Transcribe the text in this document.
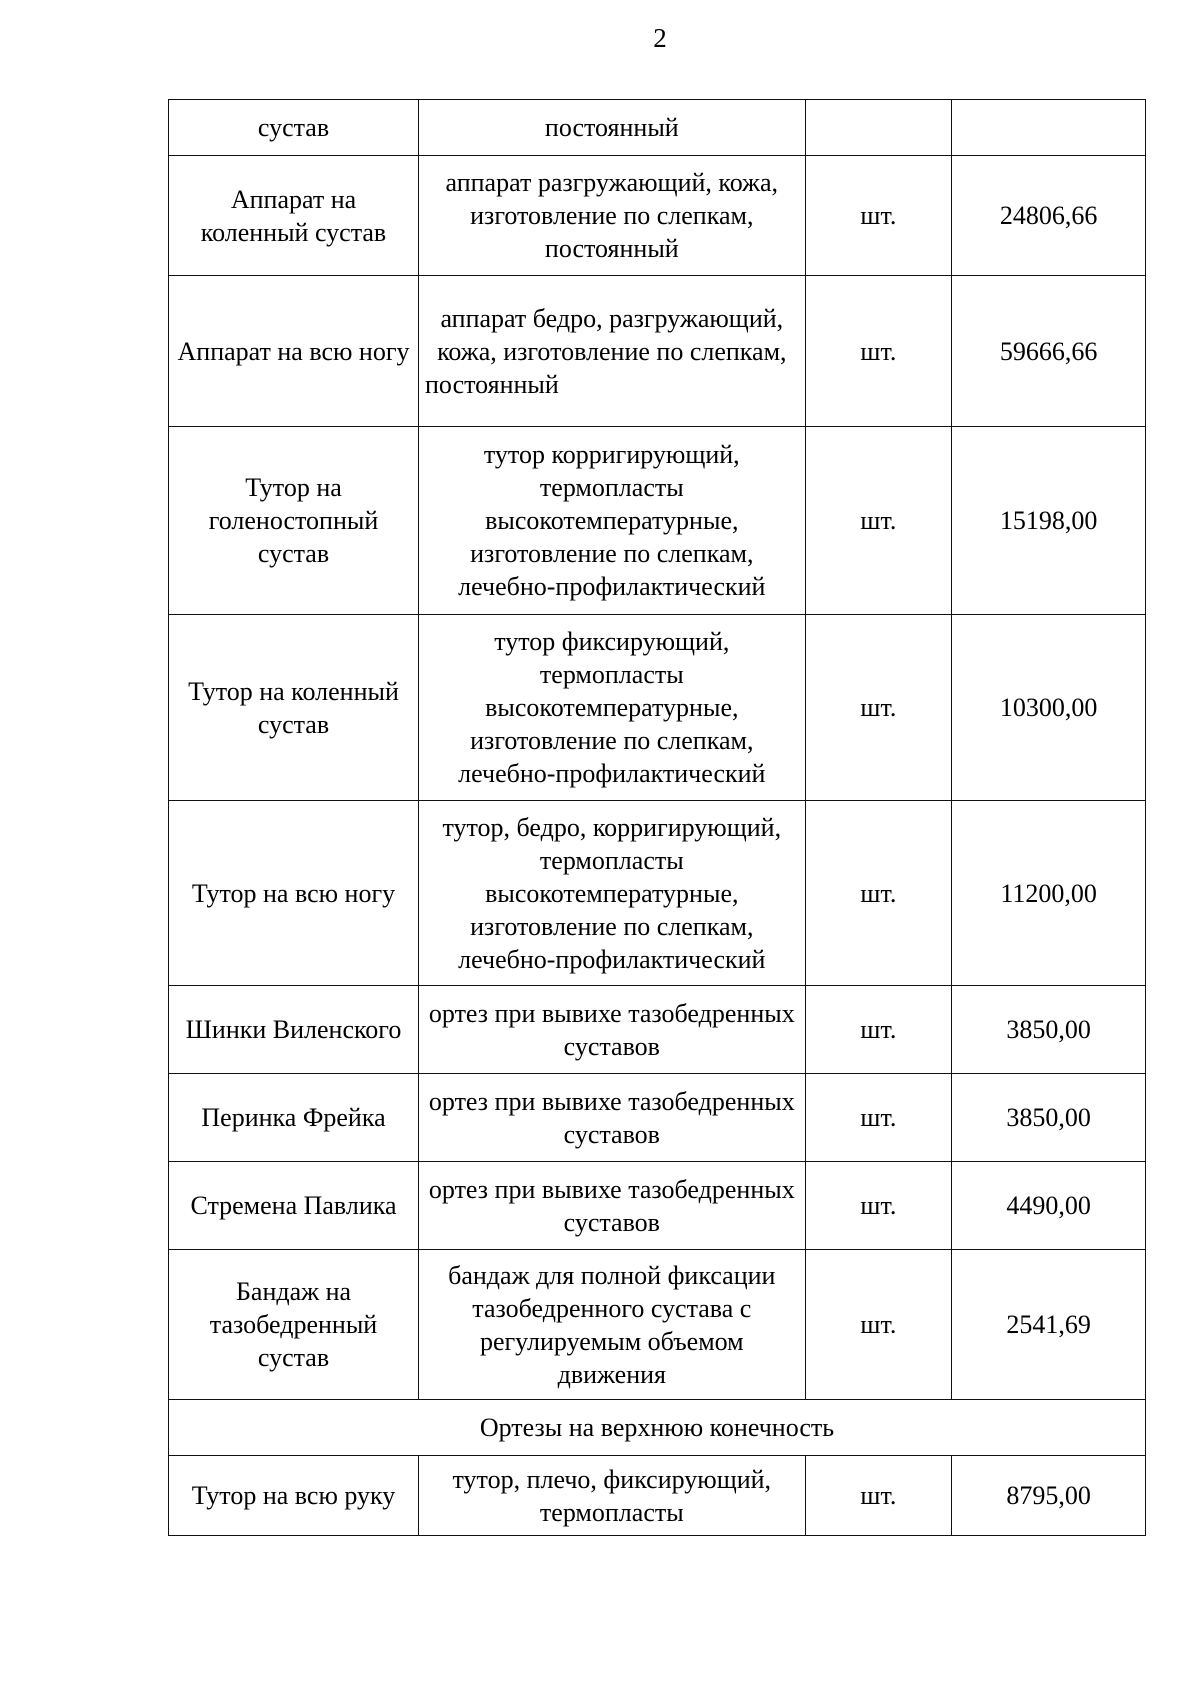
2
сустав	постоянный		
Аппарат на коленный сустав	аппарат разгружающий, кожа, изготовление по слепкам, постоянный	шт.	24806,66
Аппарат на всю ногу	аппарат бедро, разгружающий, кожа, изготовление по слепкам, постоянный	шт.	59666,66
Тутор на голеностопный сустав	тутор корригирующий, термопласты высокотемпературные, изготовление по слепкам, лечебно-профилактический	шт.	15198,00
Тутор на коленный сустав	тутор фиксирующий, термопласты высокотемпературные, изготовление по слепкам, лечебно-профилактический	шт.	10300,00
Тутор на всю ногу	тутор, бедро, корригирующий, термопласты высокотемпературные, изготовление по слепкам, лечебно-профилактический	шт.	11200,00
Шинки Виленского	ортез при вывихе тазобедренных суставов	шт.	3850,00
Перинка Фрейка	ортез при вывихе тазобедренных суставов	шт.	3850,00
Стремена Павлика	ортез при вывихе тазобедренных суставов	шт.	4490,00
Бандаж на тазобедренный сустав	бандаж для полной фиксации тазобедренного сустава с регулируемым объемом движения	шт.	2541,69
Ортезы на верхнюю конечность			
Тутор на всю руку	тутор, плечо, фиксирующий, термопласты	шт.	8795,00
